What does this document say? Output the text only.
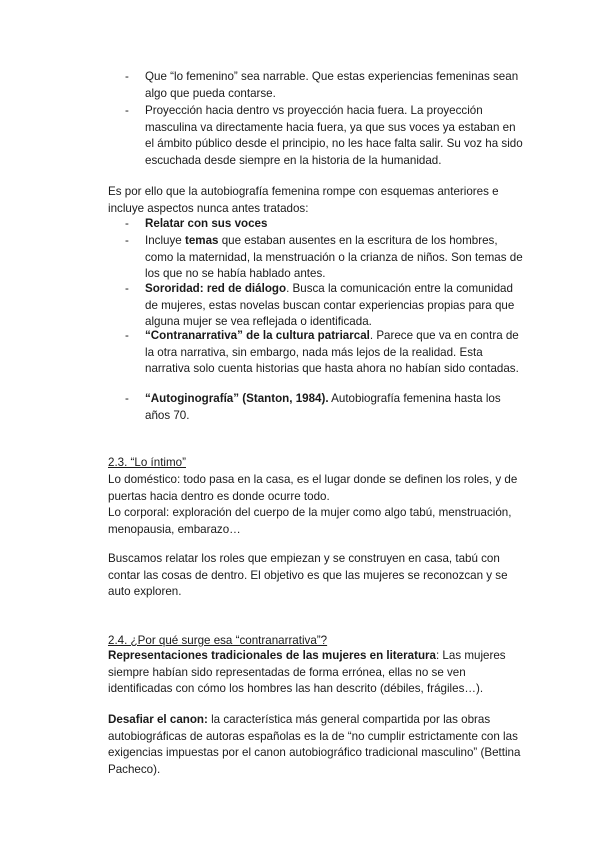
- Que “lo femenino” sea narrable. Que estas experiencias femeninas sean algo que pueda contarse.
- Proyección hacia dentro vs proyección hacia fuera. La proyección masculina va directamente hacia fuera, ya que sus voces ya estaban en el ámbito público desde el principio, no les hace falta salir. Su voz ha sido escuchada desde siempre en la historia de la humanidad.
Es por ello que la autobiografía femenina rompe con esquemas anteriores e incluye aspectos nunca antes tratados:
- Relatar con sus voces
- Incluye temas que estaban ausentes en la escritura de los hombres, como la maternidad, la menstruación o la crianza de niños. Son temas de los que no se había hablado antes.
- Sororidad: red de diálogo. Busca la comunicación entre la comunidad de mujeres, estas novelas buscan contar experiencias propias para que alguna mujer se vea reflejada o identificada.
- “Contranarrativa” de la cultura patriarcal. Parece que va en contra de la otra narrativa, sin embargo, nada más lejos de la realidad. Esta narrativa solo cuenta historias que hasta ahora no habían sido contadas.
- “Autoginografía” (Stanton, 1984). Autobiografía femenina hasta los años 70.
2.3. “Lo íntimo”
Lo doméstico: todo pasa en la casa, es el lugar donde se definen los roles, y de puertas hacia dentro es donde ocurre todo.
Lo corporal: exploración del cuerpo de la mujer como algo tabú, menstruación, menopausia, embarazo…
Buscamos relatar los roles que empiezan y se construyen en casa, tabú con contar las cosas de dentro. El objetivo es que las mujeres se reconozcan y se auto exploren.
2.4. ¿Por qué surge esa “contranarrativa”?
Representaciones tradicionales de las mujeres en literatura: Las mujeres siempre habían sido representadas de forma errónea, ellas no se ven identificadas con cómo los hombres las han descrito (débiles, frágiles…).
Desafiar el canon: la característica más general compartida por las obras autobiográficas de autoras españolas es la de “no cumplir estrictamente con las exigencias impuestas por el canon autobiográfico tradicional masculino” (Bettina Pacheco).
